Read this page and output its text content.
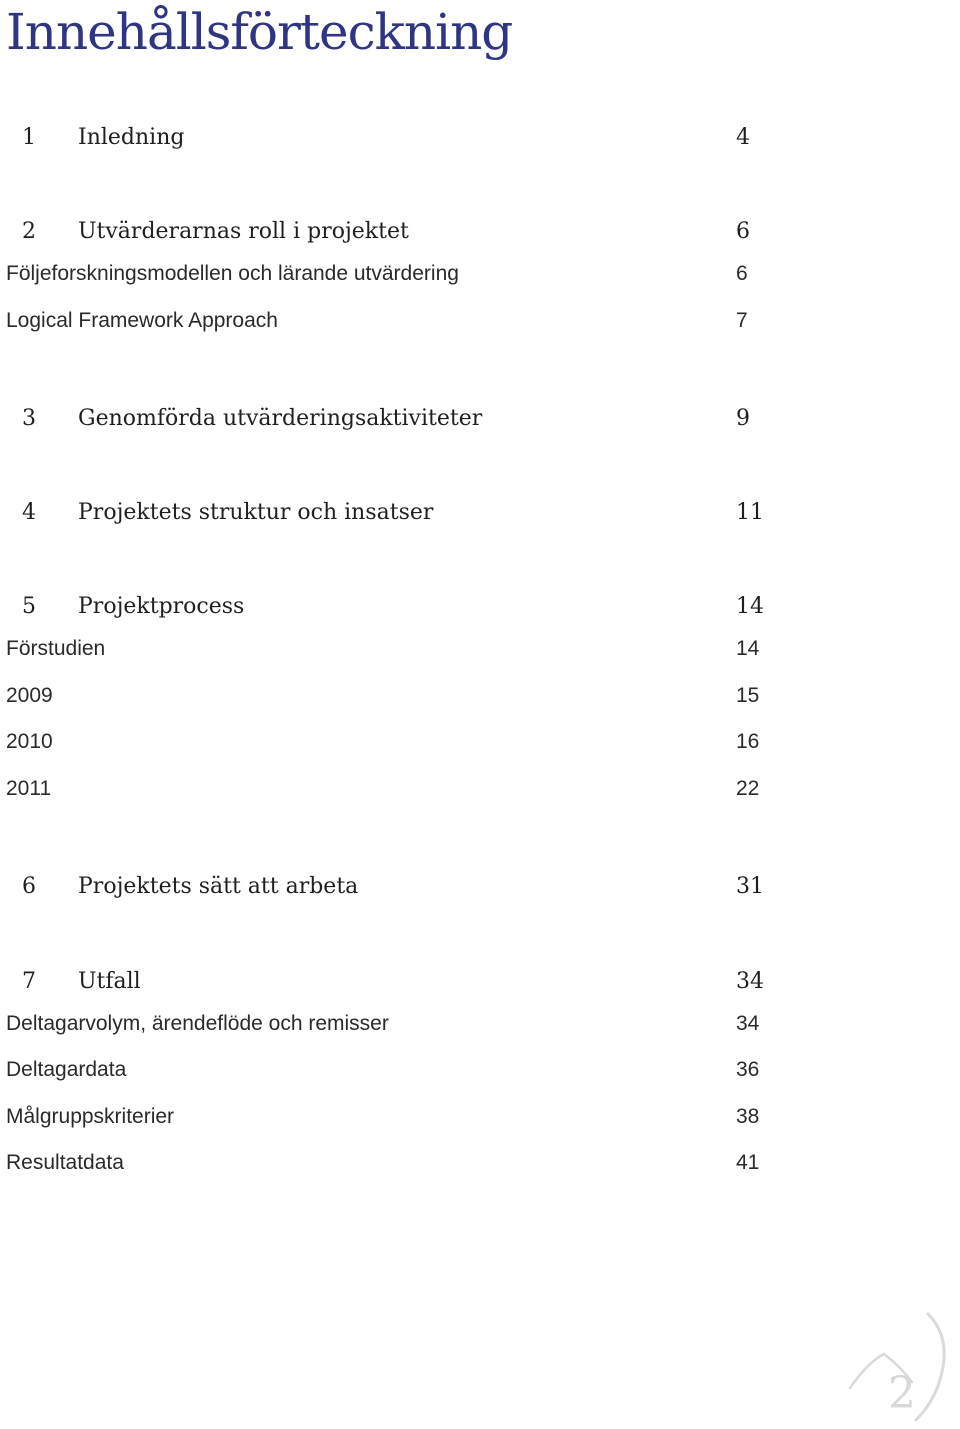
Innehållsförteckning
1 Inledning	4
2 Utvärderarnas roll i projektet	6
Följeforskningsmodellen och lärande utvärdering	6
Logical Framework Approach	7
3 Genomförda utvärderingsaktiviteter	9
4 Projektets struktur och insatser	11
5 Projektprocess	14
Förstudien	14
2009	15
2010	16
2011	22
6 Projektets sätt att arbeta	31
7 Utfall	34
Deltagarvolym, ärendeflöde och remisser	34
Deltagardata	36
Målgruppskriterier	38
Resultatdata	41
2
